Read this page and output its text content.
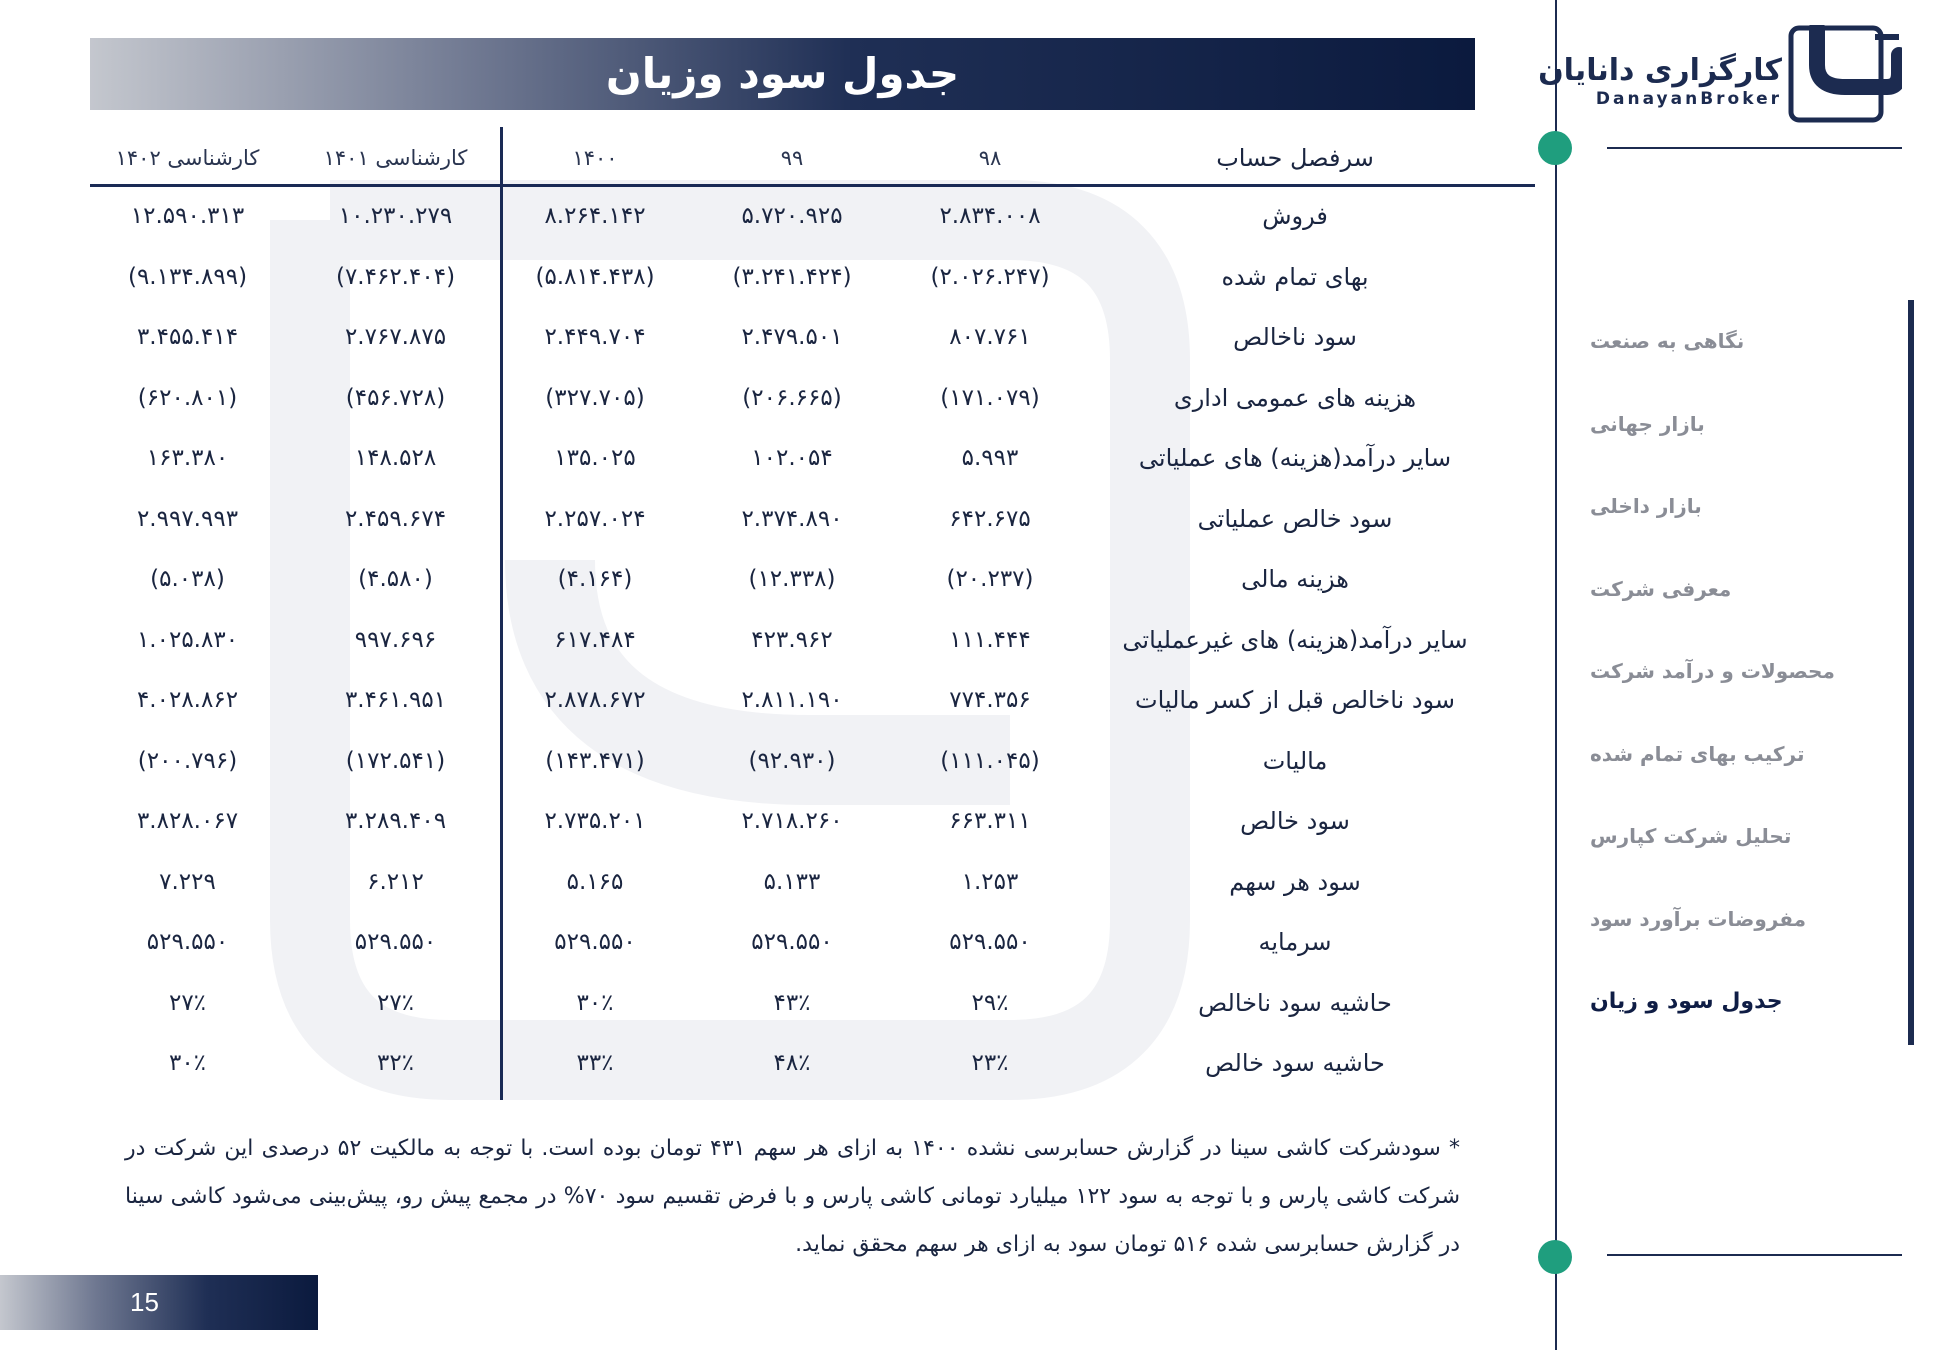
جدول سود وزیان
سرفصل حساب
۹۸
۹۹
۱۴۰۰
کارشناسی ۱۴۰۱
کارشناسی ۱۴۰۲
فروش
۲.۸۳۴.۰۰۸
۵.۷۲۰.۹۲۵
۸.۲۶۴.۱۴۲
۱۰.۲۳۰.۲۷۹
۱۲.۵۹۰.۳۱۳
بهای تمام شده
(۲.۰۲۶.۲۴۷)
(۳.۲۴۱.۴۲۴)
(۵.۸۱۴.۴۳۸)
(۷.۴۶۲.۴۰۴)
(۹.۱۳۴.۸۹۹)
سود ناخالص
۸۰۷.۷۶۱
۲.۴۷۹.۵۰۱
۲.۴۴۹.۷۰۴
۲.۷۶۷.۸۷۵
۳.۴۵۵.۴۱۴
هزینه های عمومی اداری
(۱۷۱.۰۷۹)
(۲۰۶.۶۶۵)
(۳۲۷.۷۰۵)
(۴۵۶.۷۲۸)
(۶۲۰.۸۰۱)
سایر درآمد(هزینه) های عملیاتی
۵.۹۹۳
۱۰۲.۰۵۴
۱۳۵.۰۲۵
۱۴۸.۵۲۸
۱۶۳.۳۸۰
سود خالص عملیاتی
۶۴۲.۶۷۵
۲.۳۷۴.۸۹۰
۲.۲۵۷.۰۲۴
۲.۴۵۹.۶۷۴
۲.۹۹۷.۹۹۳
هزینه مالی
(۲۰.۲۳۷)
(۱۲.۳۳۸)
(۴.۱۶۴)
(۴.۵۸۰)
(۵.۰۳۸)
سایر درآمد(هزینه) های غیرعملیاتی
۱۱۱.۴۴۴
۴۲۳.۹۶۲
۶۱۷.۴۸۴
۹۹۷.۶۹۶
۱.۰۲۵.۸۳۰
سود ناخالص قبل از کسر مالیات
۷۷۴.۳۵۶
۲.۸۱۱.۱۹۰
۲.۸۷۸.۶۷۲
۳.۴۶۱.۹۵۱
۴.۰۲۸.۸۶۲
مالیات
(۱۱۱.۰۴۵)
(۹۲.۹۳۰)
(۱۴۳.۴۷۱)
(۱۷۲.۵۴۱)
(۲۰۰.۷۹۶)
سود خالص
۶۶۳.۳۱۱
۲.۷۱۸.۲۶۰
۲.۷۳۵.۲۰۱
۳.۲۸۹.۴۰۹
۳.۸۲۸.۰۶۷
سود هر سهم
۱.۲۵۳
۵.۱۳۳
۵.۱۶۵
۶.۲۱۲
۷.۲۲۹
سرمایه
۵۲۹.۵۵۰
۵۲۹.۵۵۰
۵۲۹.۵۵۰
۵۲۹.۵۵۰
۵۲۹.۵۵۰
حاشیه سود ناخالص
۲۹٪
۴۳٪
۳۰٪
۲۷٪
۲۷٪
حاشیه سود خالص
۲۳٪
۴۸٪
۳۳٪
۳۲٪
۳۰٪
* سودشرکت کاشی سینا در گزارش حسابرسی نشده ۱۴۰۰ به ازای هر سهم ۴۳۱ تومان بوده است. با توجه به مالکیت ۵۲ درصدی این شرکت در شرکت کاشی پارس و با توجه به سود ۱۲۲ میلیارد تومانی کاشی پارس و با فرض تقسیم سود ۷۰% در مجمع پیش رو، پیش‌بینی می‌شود کاشی سینا در گزارش حسابرسی شده ۵۱۶ تومان سود به ازای هر سهم محقق نماید.
15
نگاهی به صنعت
بازار جهانی
بازار داخلی
معرفی شرکت
محصولات و درآمد شرکت
ترکیب بهای تمام شده
تحلیل شرکت کپارس
مفروضات برآورد سود
جدول سود و زیان
کارگزاری دانایان
DanayanBroker
